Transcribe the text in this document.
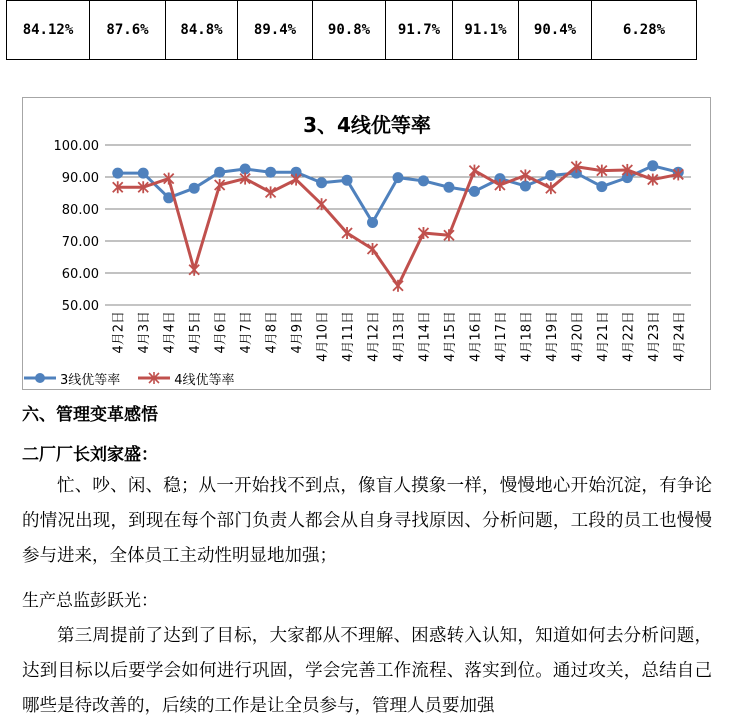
84.12%	87.6%	84.8%	89.4%	90.8%	91.7%	91.1%	90.4%	6.28%
3、4线优等率
50.00
60.00
70.00
80.00
90.00
100.00
4月2日 4月3日 4月4日 4月5日 4月6日 4月7日 4月8日 4月9日 4月10日 4月11日 4月12日 4月13日 4月14日 4月15日 4月16日 4月17日 4月18日 4月19日 4月20日 4月21日 4月22日 4月23日 4月24日
3线优等率	4线优等率
六、管理变革感悟
二厂厂长刘家盛：
忙、吵、闲、稳；从一开始找不到点，像盲人摸象一样，慢慢地心开始沉淀，有争论的情况出现，到现在每个部门负责人都会从自身寻找原因、分析问题，工段的员工也慢慢参与进来，全体员工主动性明显地加强；
生产总监彭跃光：
第三周提前了达到了目标，大家都从不理解、困惑转入认知，知道如何去分析问题，达到目标以后要学会如何进行巩固，学会完善工作流程、落实到位。通过攻关，总结自己哪些是待改善的，后续的工作是让全员参与，管理人员要加强
